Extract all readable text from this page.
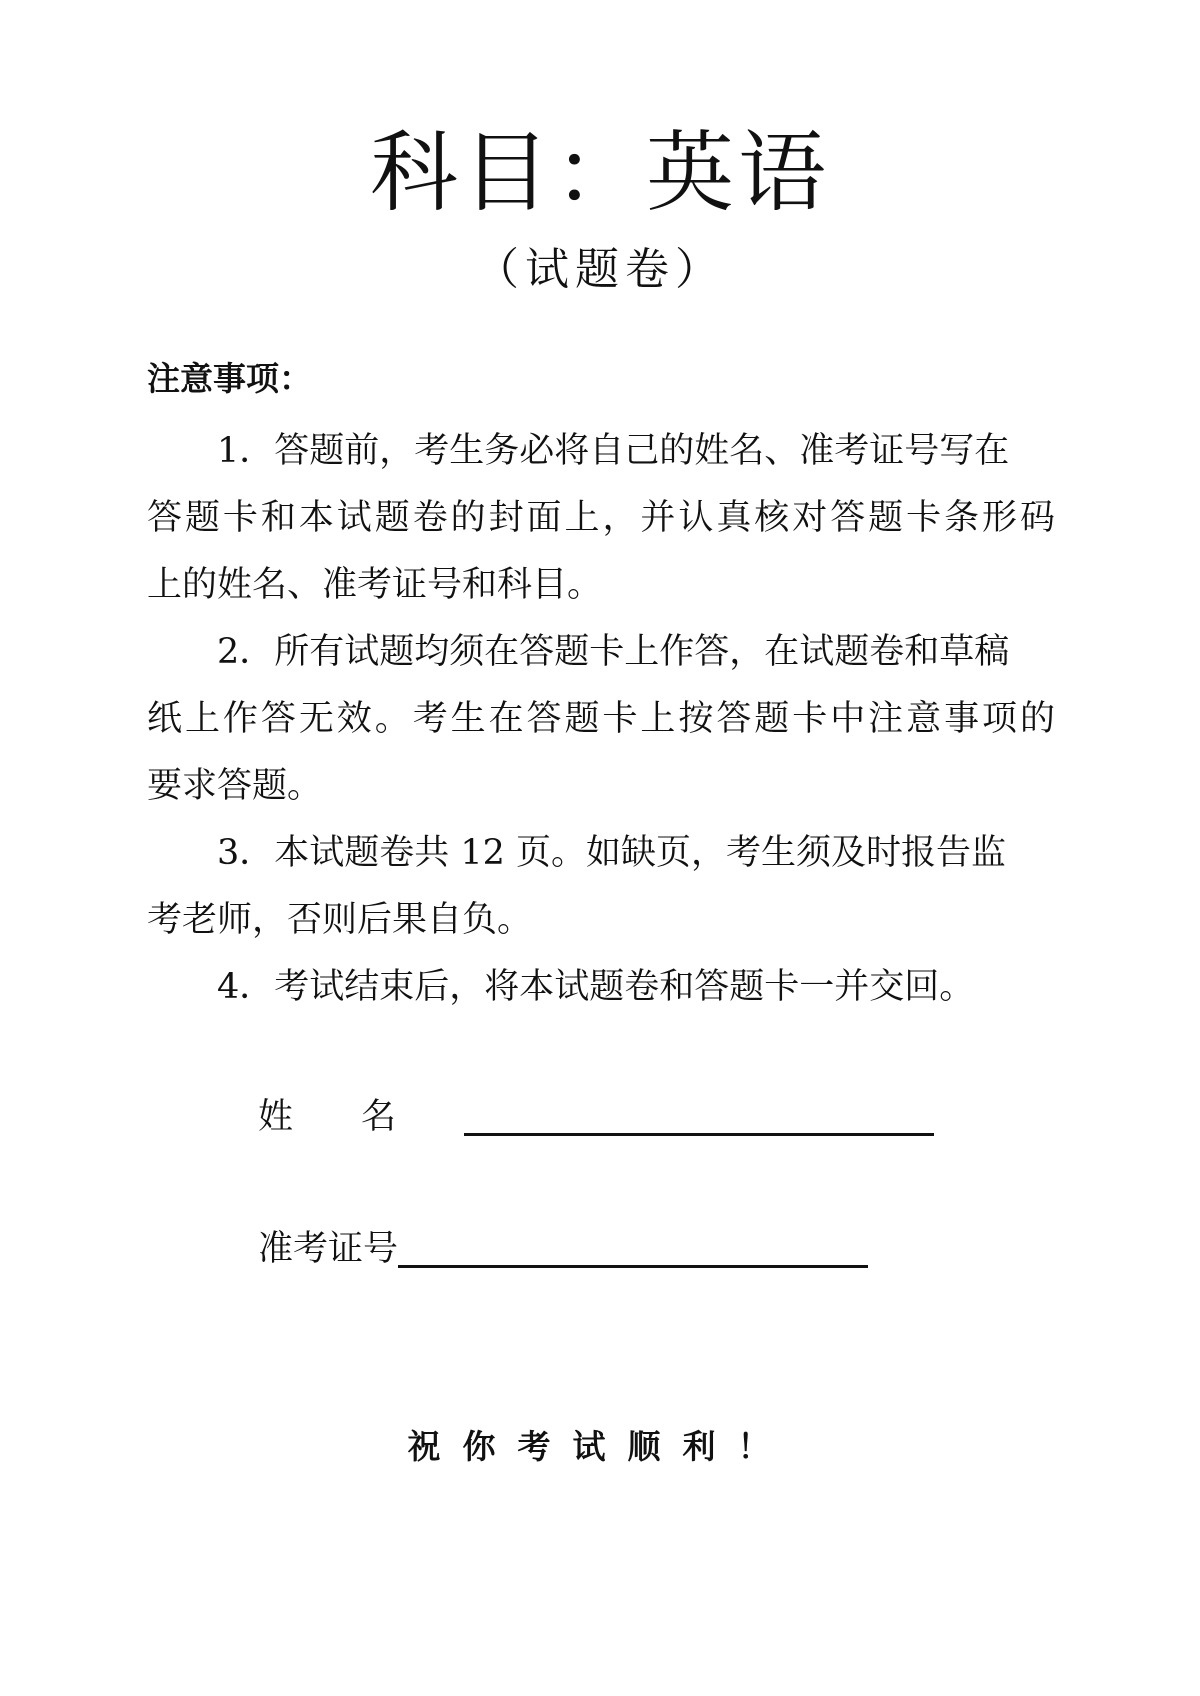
科目：英语
（试题卷）
注意事项：
1．答题前，考生务必将自己的姓名、准考证号写在
答题卡和本试题卷的封面上，并认真核对答题卡条形码
上的姓名、准考证号和科目。
2．所有试题均须在答题卡上作答，在试题卷和草稿
纸上作答无效。考生在答题卡上按答题卡中注意事项的
要求答题。
3．本试题卷共 12 页。如缺页，考生须及时报告监
考老师，否则后果自负。
4．考试结束后，将本试题卷和答题卡一并交回。
姓名
准考证号
祝你考试顺利！
